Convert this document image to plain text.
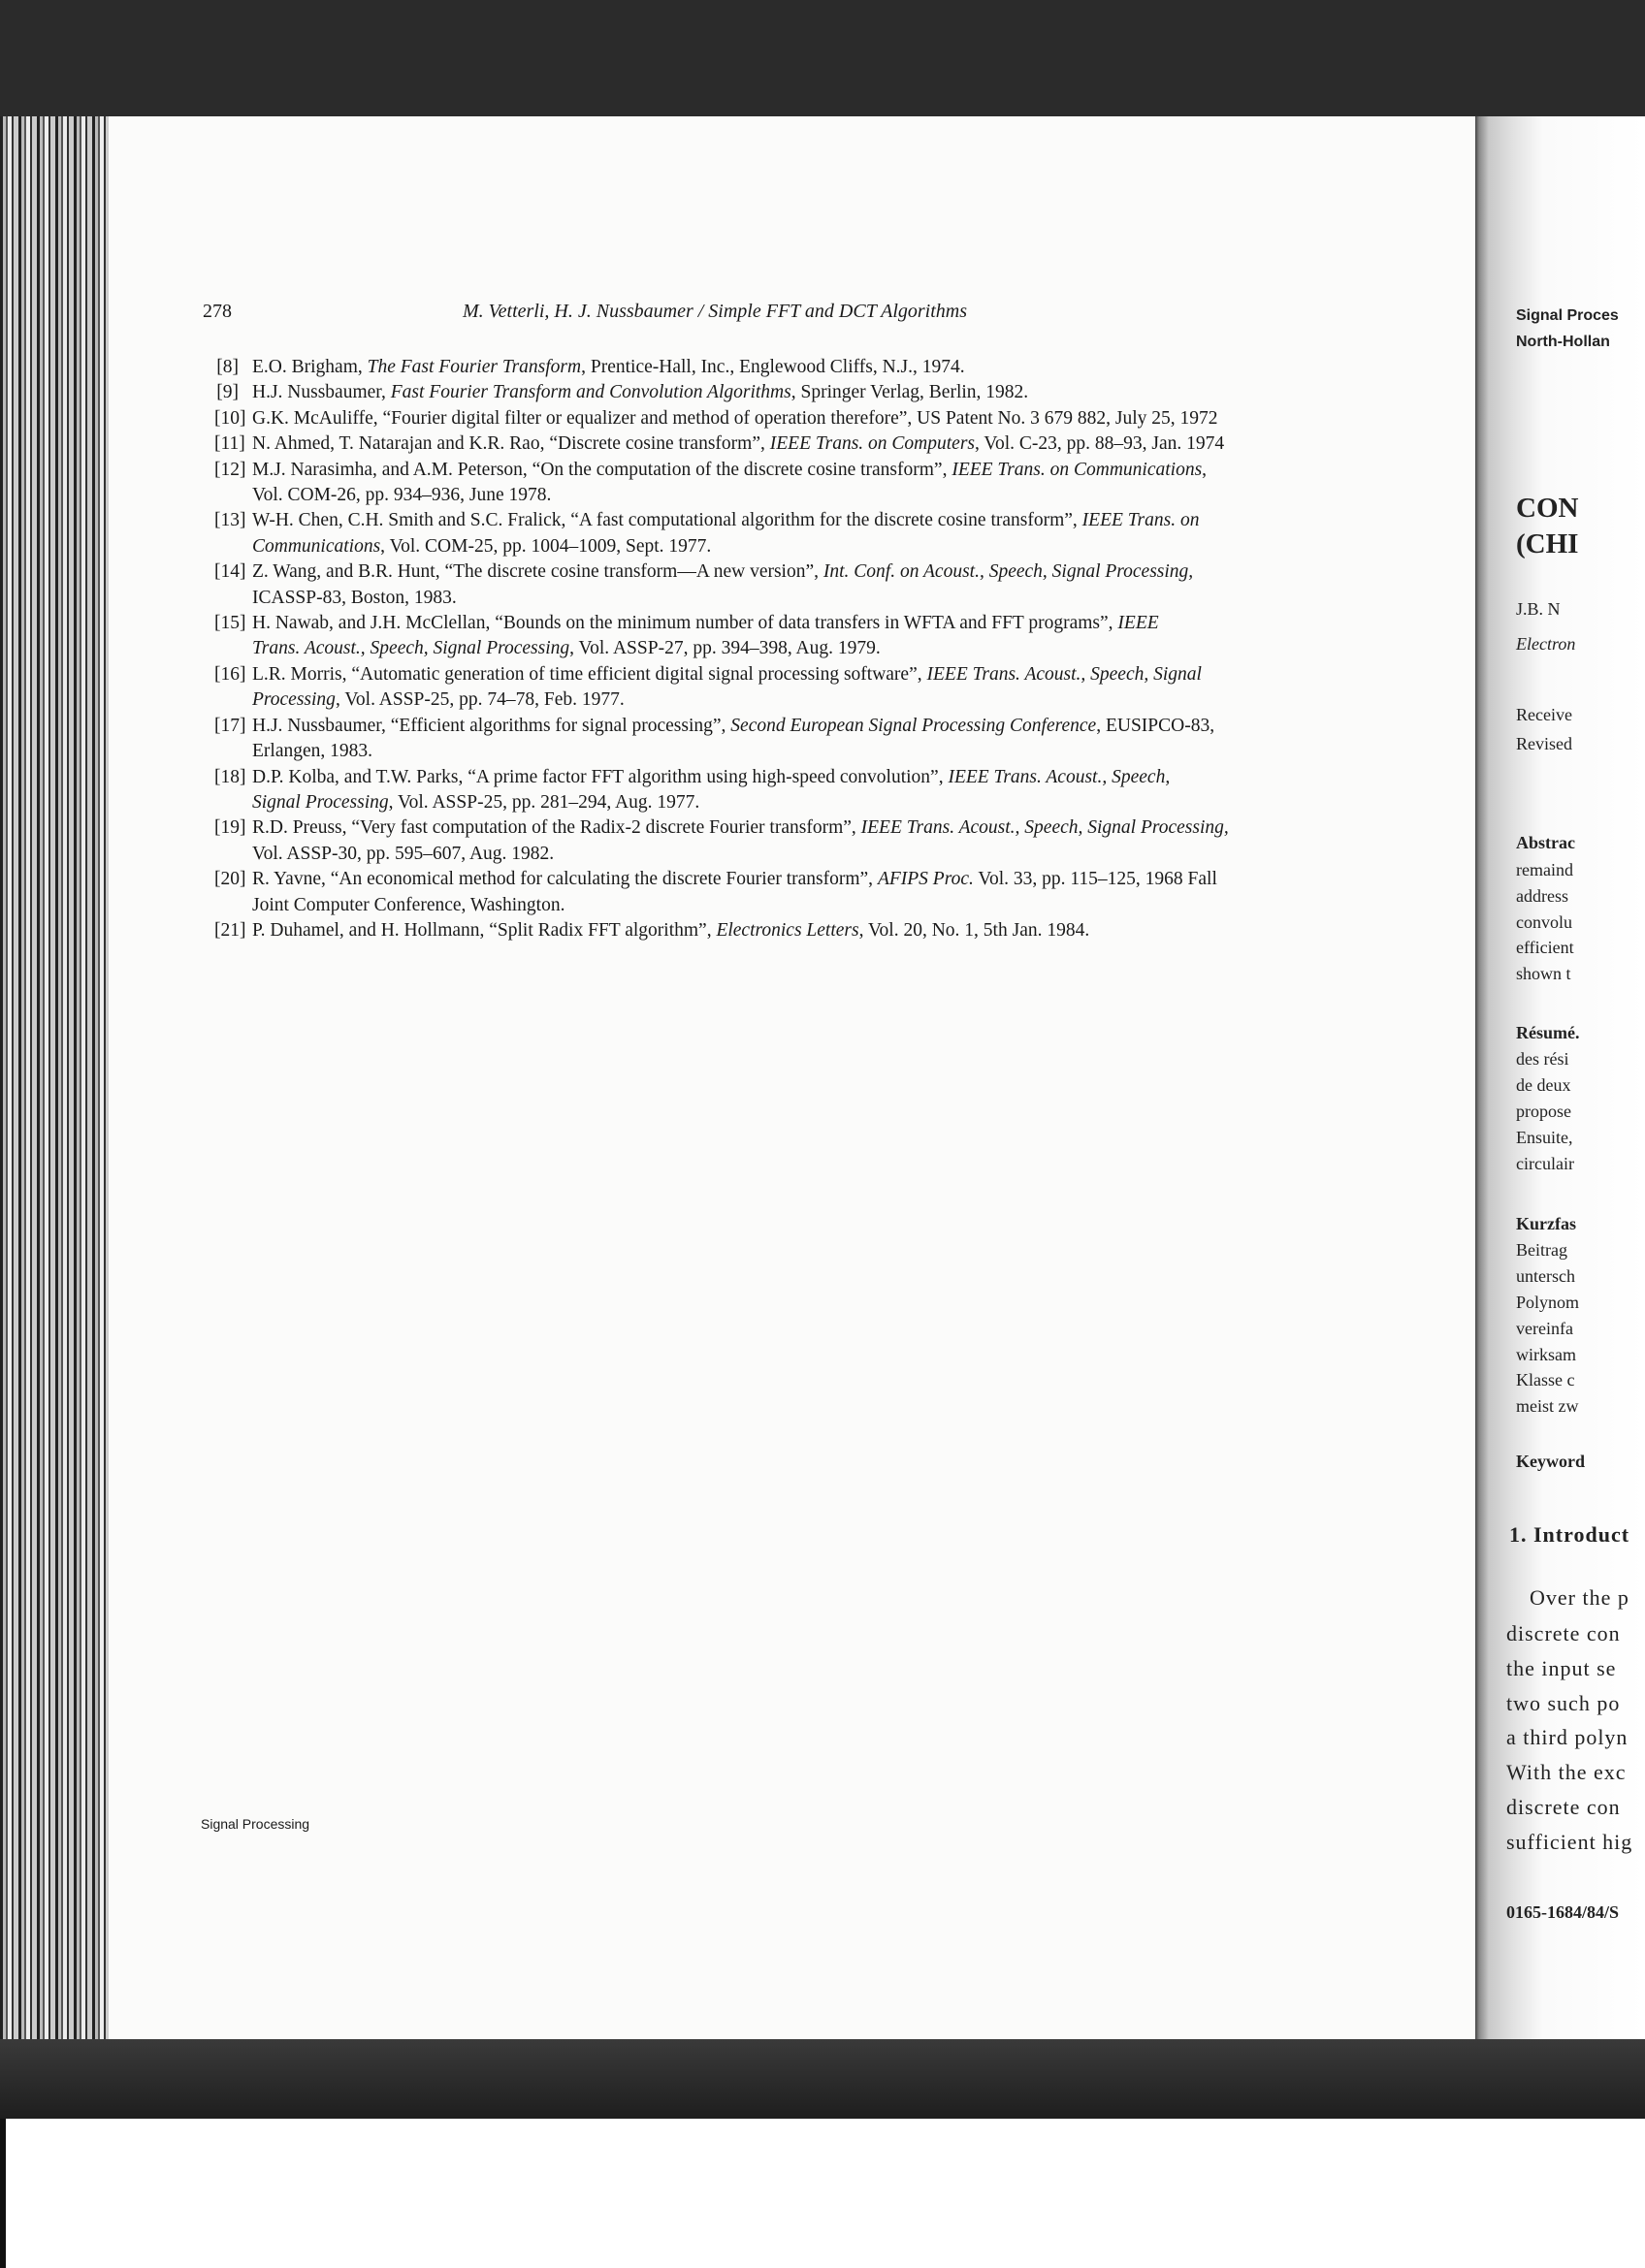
278	M. Vetterli, H. J. Nussbaumer / Simple FFT and DCT Algorithms
[8] E.O. Brigham, The Fast Fourier Transform, Prentice-Hall, Inc., Englewood Cliffs, N.J., 1974.
[9] H.J. Nussbaumer, Fast Fourier Transform and Convolution Algorithms, Springer Verlag, Berlin, 1982.
[10] G.K. McAuliffe, “Fourier digital filter or equalizer and method of operation therefore”, US Patent No. 3 679 882, July 25, 1972
[11] N. Ahmed, T. Natarajan and K.R. Rao, “Discrete cosine transform”, IEEE Trans. on Computers, Vol. C-23, pp. 88–93, Jan. 1974
[12] M.J. Narasimha, and A.M. Peterson, “On the computation of the discrete cosine transform”, IEEE Trans. on Communications,
Vol. COM-26, pp. 934–936, June 1978.
[13] W-H. Chen, C.H. Smith and S.C. Fralick, “A fast computational algorithm for the discrete cosine transform”, IEEE Trans. on
Communications, Vol. COM-25, pp. 1004–1009, Sept. 1977.
[14] Z. Wang, and B.R. Hunt, “The discrete cosine transform—A new version”, Int. Conf. on Acoust., Speech, Signal Processing,
ICASSP-83, Boston, 1983.
[15] H. Nawab, and J.H. McClellan, “Bounds on the minimum number of data transfers in WFTA and FFT programs”, IEEE
Trans. Acoust., Speech, Signal Processing, Vol. ASSP-27, pp. 394–398, Aug. 1979.
[16] L.R. Morris, “Automatic generation of time efficient digital signal processing software”, IEEE Trans. Acoust., Speech, Signal
Processing, Vol. ASSP-25, pp. 74–78, Feb. 1977.
[17] H.J. Nussbaumer, “Efficient algorithms for signal processing”, Second European Signal Processing Conference, EUSIPCO-83,
Erlangen, 1983.
[18] D.P. Kolba, and T.W. Parks, “A prime factor FFT algorithm using high-speed convolution”, IEEE Trans. Acoust., Speech,
Signal Processing, Vol. ASSP-25, pp. 281–294, Aug. 1977.
[19] R.D. Preuss, “Very fast computation of the Radix-2 discrete Fourier transform”, IEEE Trans. Acoust., Speech, Signal Processing,
Vol. ASSP-30, pp. 595–607, Aug. 1982.
[20] R. Yavne, “An economical method for calculating the discrete Fourier transform”, AFIPS Proc. Vol. 33, pp. 115–125, 1968 Fall
Joint Computer Conference, Washington.
[21] P. Duhamel, and H. Hollmann, “Split Radix FFT algorithm”, Electronics Letters, Vol. 20, No. 1, 5th Jan. 1984.
Signal Processing
Signal Proces
North-Hollan
CON
(CHI
J.B. N
Electron
Receive
Revised
Abstrac
remaind
address
convolu
efficient
shown t
Résumé.
des rési
de deux
propose
Ensuite,
circulair
Kurzfas
Beitrag
untersch
Polynom
vereinfa
wirksam
Klasse c
meist zw
Keyword
1. Introduct
Over the p
discrete con
the input se
two such po
a third polyn
With the exc
discrete con
sufficient hig
0165-1684/84/S
